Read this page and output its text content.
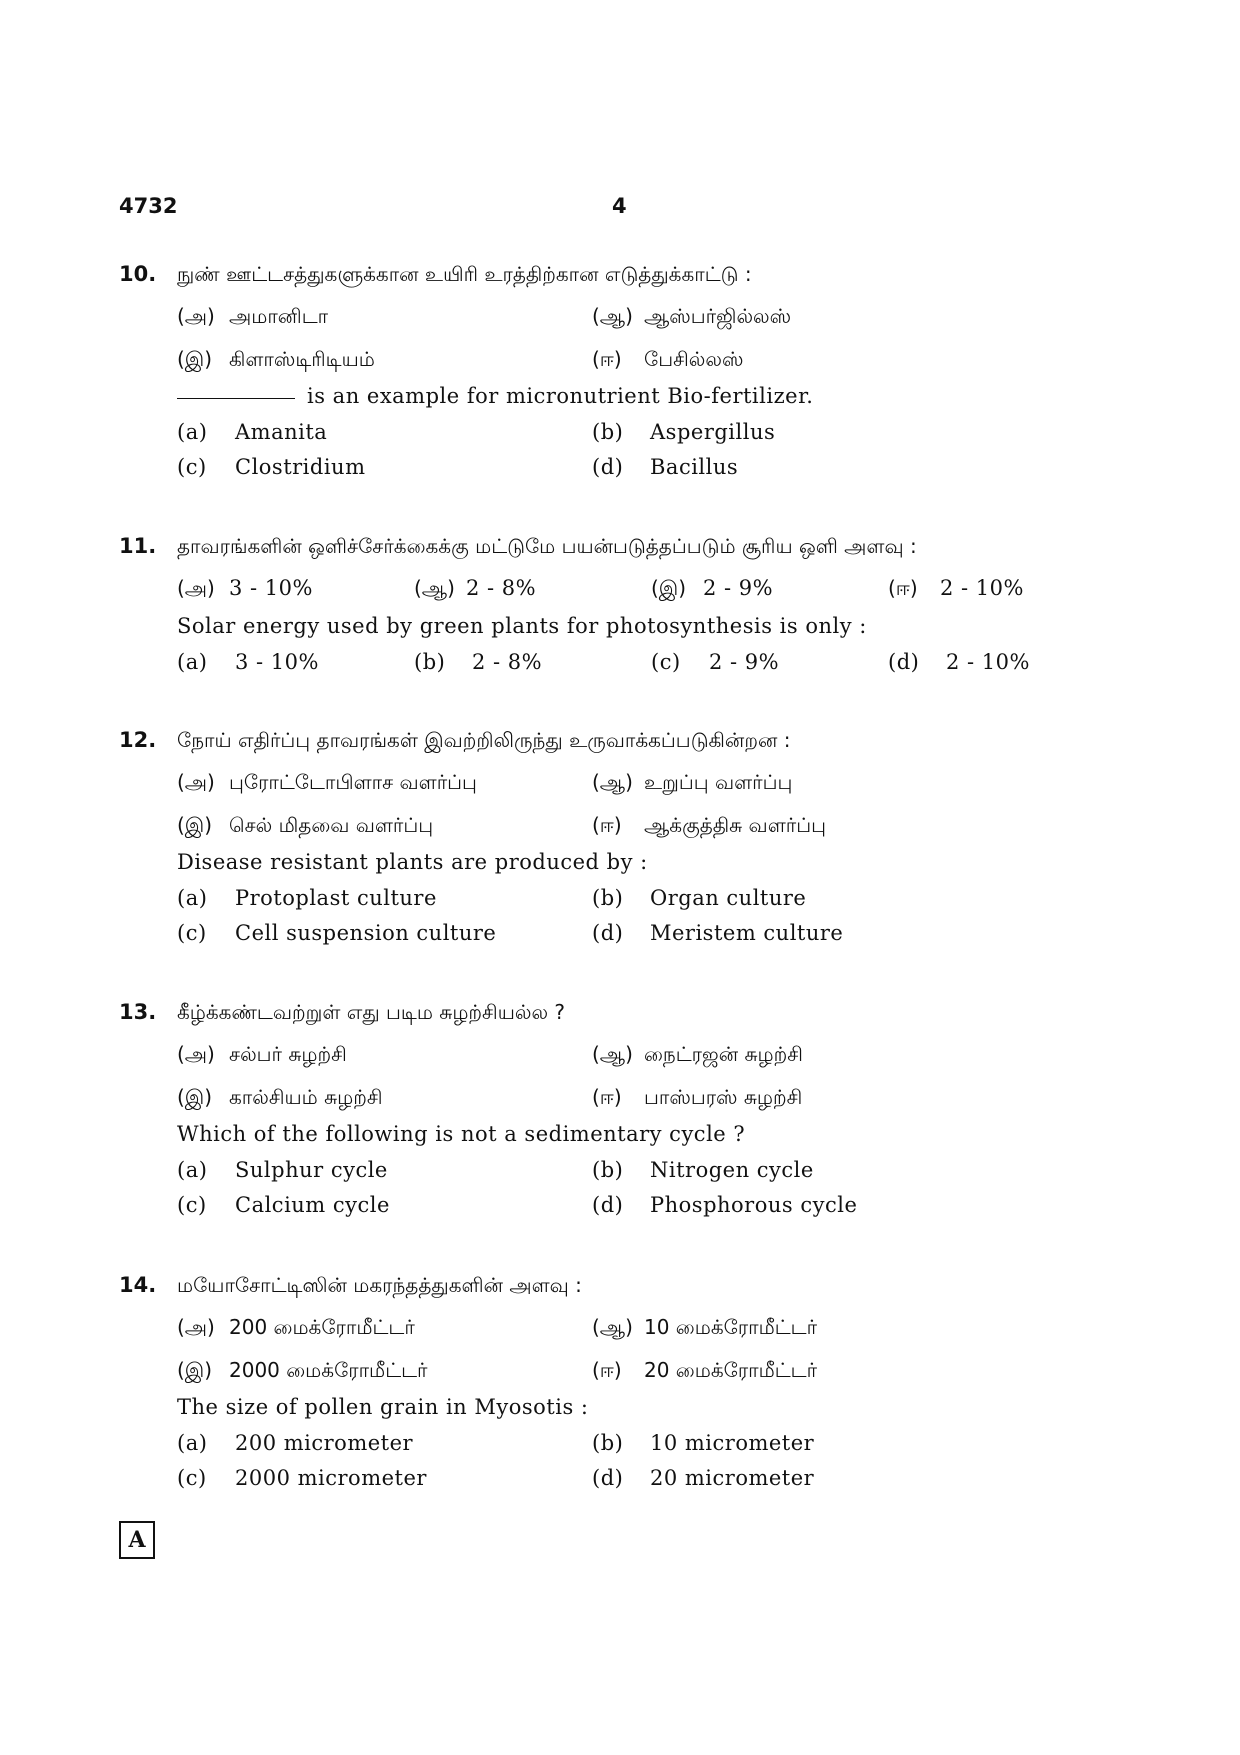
4732	4
10. நுண் ஊட்டசத்துகளுக்கான உயிரி உரத்திற்கான எடுத்துக்காட்டு :
(அ) அமானிடா	(ஆ) ஆஸ்பர்ஜில்லஸ்
(இ) கிளாஸ்டிரிடியம்	(ஈ) பேசில்லஸ்
is an example for micronutrient Bio-fertilizer.
(a) Amanita	(b) Aspergillus
(c) Clostridium	(d) Bacillus
11. தாவரங்களின் ஒளிச்சேர்க்கைக்கு மட்டுமே பயன்படுத்தப்படும் சூரிய ஒளி அளவு :
(அ) 3 - 10%	(ஆ) 2 - 8%	(இ) 2 - 9%	(ஈ) 2 - 10%
Solar energy used by green plants for photosynthesis is only :
(a) 3 - 10%	(b) 2 - 8%	(c) 2 - 9%	(d) 2 - 10%
12. நோய் எதிர்ப்பு தாவரங்கள் இவற்றிலிருந்து உருவாக்கப்படுகின்றன :
(அ) புரோட்டோபிளாச வளர்ப்பு	(ஆ) உறுப்பு வளர்ப்பு
(இ) செல் மிதவை வளர்ப்பு	(ஈ) ஆக்குத்திசு வளர்ப்பு
Disease resistant plants are produced by :
(a) Protoplast culture	(b) Organ culture
(c) Cell suspension culture	(d) Meristem culture
13. கீழ்க்கண்டவற்றுள் எது படிம சுழற்சியல்ல ?
(அ) சல்பர் சுழற்சி	(ஆ) நைட்ரஜன் சுழற்சி
(இ) கால்சியம் சுழற்சி	(ஈ) பாஸ்பரஸ் சுழற்சி
Which of the following is not a sedimentary cycle ?
(a) Sulphur cycle	(b) Nitrogen cycle
(c) Calcium cycle	(d) Phosphorous cycle
14. மயோசோட்டிஸின் மகரந்தத்துகளின் அளவு :
(அ) 200 மைக்ரோமீட்டர்	(ஆ) 10 மைக்ரோமீட்டர்
(இ) 2000 மைக்ரோமீட்டர்	(ஈ) 20 மைக்ரோமீட்டர்
The size of pollen grain in Myosotis :
(a) 200 micrometer	(b) 10 micrometer
(c) 2000 micrometer	(d) 20 micrometer
A
